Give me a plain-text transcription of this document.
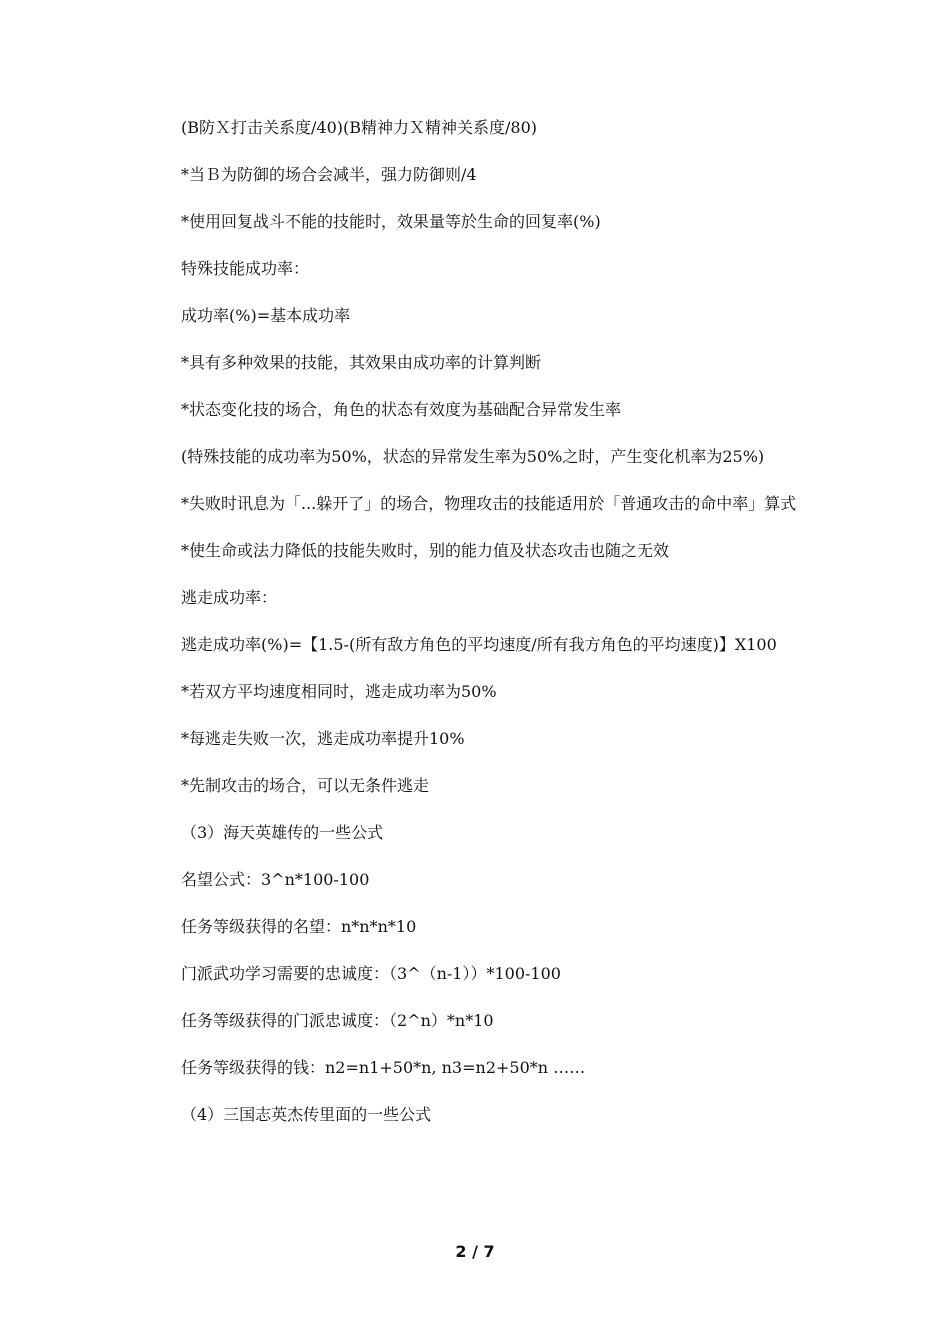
(B防Ｘ打击关系度/40)(B精神力Ｘ精神关系度/80)

*当Ｂ为防御的场合会减半，强力防御则/4

*使用回复战斗不能的技能时，效果量等於生命的回复率(%)

特殊技能成功率：

成功率(%)=基本成功率

*具有多种效果的技能，其效果由成功率的计算判断

*状态变化技的场合，角色的状态有效度为基础配合异常发生率

(特殊技能的成功率为50%，状态的异常发生率为50%之时，产生变化机率为25%)

*失败时讯息为「...躲开了」的场合，物理攻击的技能适用於「普通攻击的命中率」算式

*使生命或法力降低的技能失败时，别的能力值及状态攻击也随之无效

逃走成功率：

逃走成功率(%)=【1.5-(所有敌方角色的平均速度/所有我方角色的平均速度)】X100

*若双方平均速度相同时，逃走成功率为50%

*每逃走失败一次，逃走成功率提升10%

*先制攻击的场合，可以无条件逃走

（3）海天英雄传的一些公式

名望公式：3^n*100-100

任务等级获得的名望：n*n*n*10

门派武功学习需要的忠诚度：（3^（n-1））*100-100

任务等级获得的门派忠诚度：（2^n）*n*10

任务等级获得的钱：n2=n1+50*n, n3=n2+50*n ……

（4）三国志英杰传里面的一些公式

2 / 7
